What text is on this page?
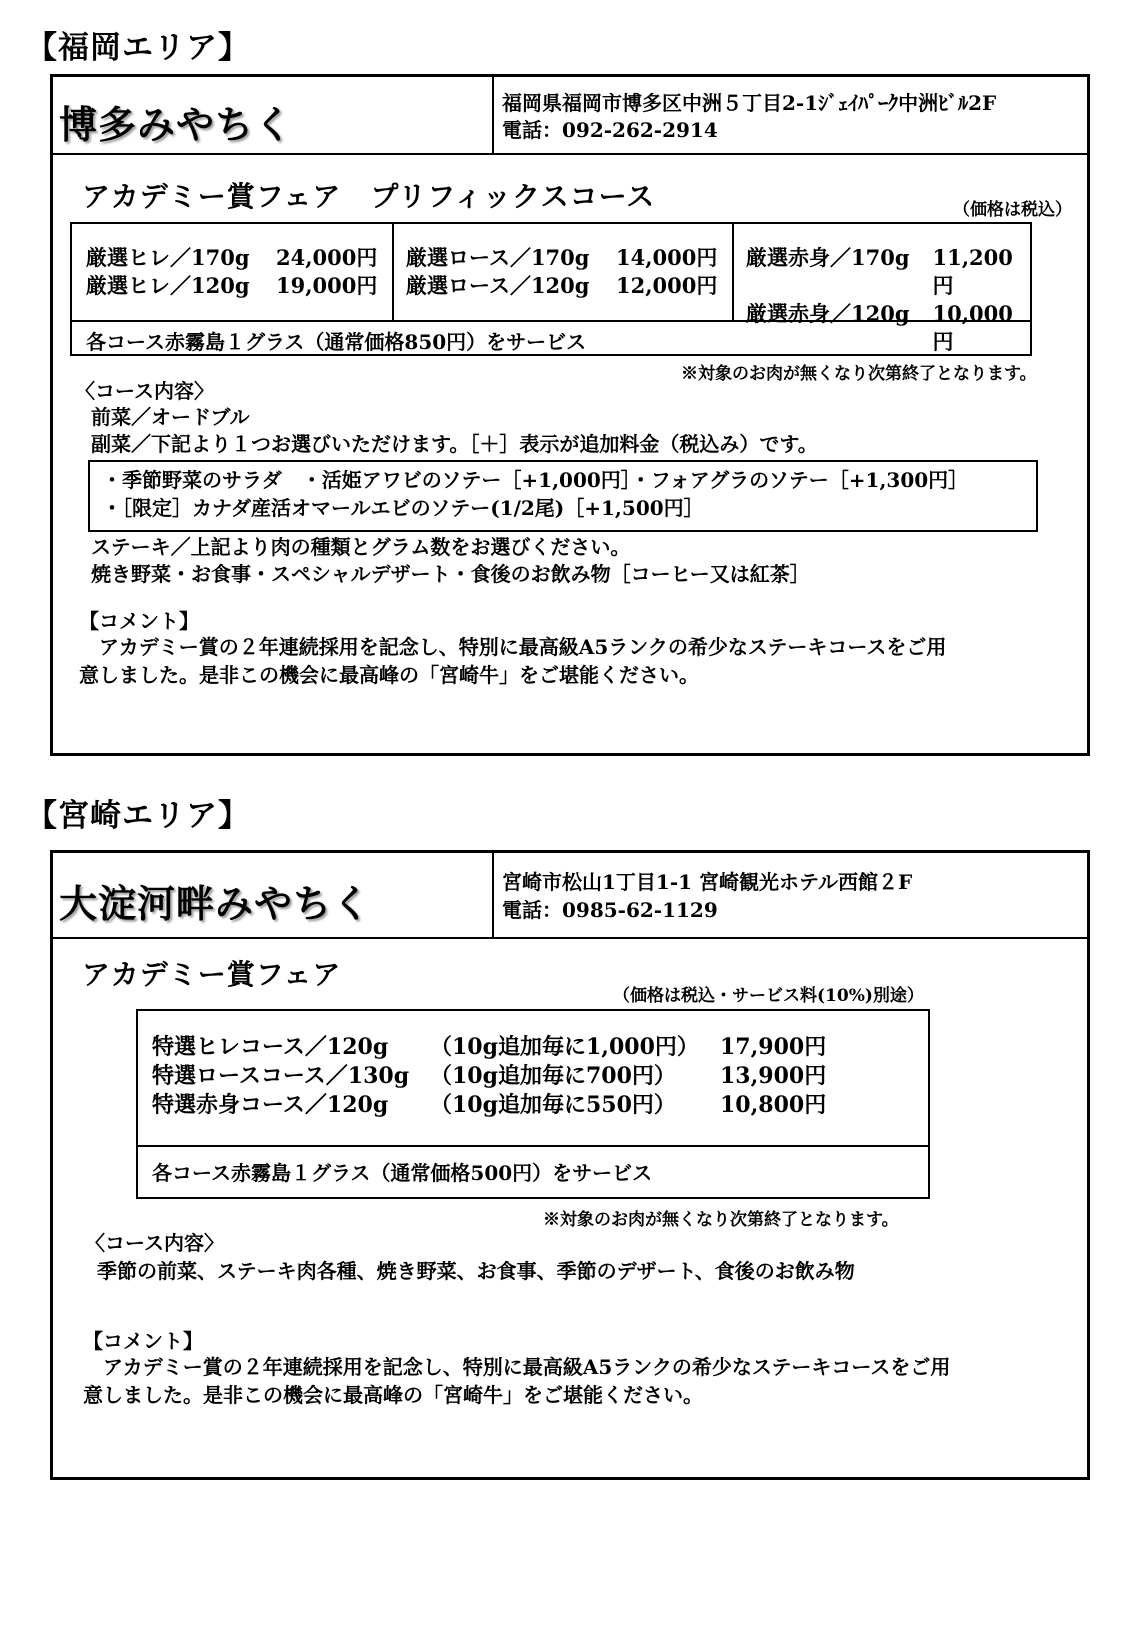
【福岡エリア】
博多みやちく	福岡県福岡市博多区中洲５丁目2-1ｼﾞｪｲﾊﾟｰｸ中洲ﾋﾞﾙ2F
電話：092-262-2914
アカデミー賞フェア　プリフィックスコース	（価格は税込）
厳選ヒレ／170g	24,000円
厳選ヒレ／120g	19,000円
厳選ロース／170g	14,000円
厳選ロース／120g	12,000円
厳選赤身／170g	11,200円
厳選赤身／120g	10,000円
各コース赤霧島１グラス（通常価格850円）をサービス
※対象のお肉が無くなり次第終了となります。
〈コース内容〉
前菜／オードブル
副菜／下記より１つお選びいただけます。［＋］表示が追加料金（税込み）です。
・季節野菜のサラダ　・活姫アワビのソテー［+1,000円］・フォアグラのソテー［+1,300円］
・［限定］カナダ産活オマールエビのソテー(1/2尾)［+1,500円］
ステーキ／上記より肉の種類とグラム数をお選びください。
焼き野菜・お食事・スペシャルデザート・食後のお飲み物［コーヒー又は紅茶］
【コメント】
　アカデミー賞の２年連続採用を記念し、特別に最高級A5ランクの希少なステーキコースをご用
意しました。是非この機会に最高峰の「宮崎牛」をご堪能ください。
【宮崎エリア】
大淀河畔みやちく	宮崎市松山1丁目1-1 宮崎観光ホテル西館２F
電話：0985-62-1129
アカデミー賞フェア
（価格は税込・サービス料(10%)別途）
特選ヒレコース／120g	（10g追加毎に1,000円） 17,900円
特選ロースコース／130g （10g追加毎に700円）	13,900円
特選赤身コース／120g	（10g追加毎に550円）	10,800円
各コース赤霧島１グラス（通常価格500円）をサービス
※対象のお肉が無くなり次第終了となります。
〈コース内容〉
季節の前菜、ステーキ肉各種、焼き野菜、お食事、季節のデザート、食後のお飲み物
【コメント】
　アカデミー賞の２年連続採用を記念し、特別に最高級A5ランクの希少なステーキコースをご用
意しました。是非この機会に最高峰の「宮崎牛」をご堪能ください。
